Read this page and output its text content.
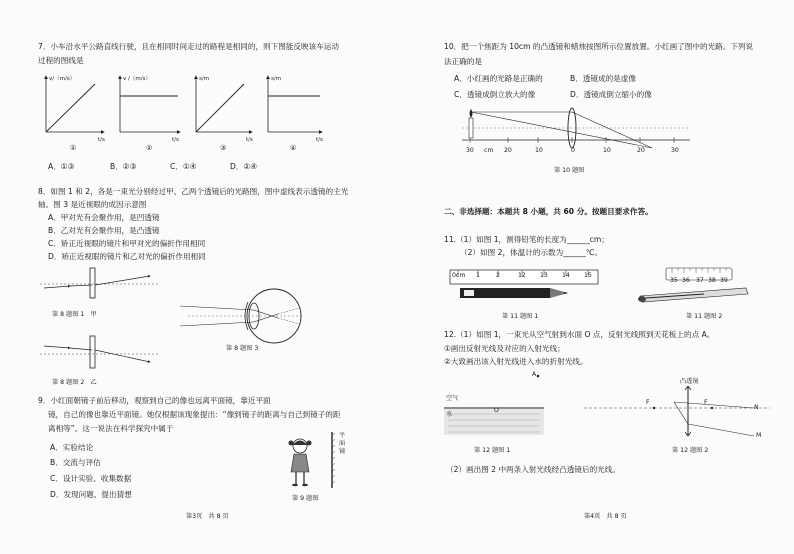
7．小车沿水平公路直线行驶，且在相同时间走过的路程是相同的，则下图能反映该车运动
过程的图线是
v/（m/s）
t/s
①
v /（m/s）
t/s
②
s/m
t/s
③
s/m
t/s
④
A．①③	B．②③	C．①④	D．②④
8．如图 1 和 2，各是一束光分别经过甲、乙两个透镜后的光路图，图中虚线表示透镜的主光
轴。图 3 是近视眼的成因示意图
A．甲对光有会聚作用，是凹透镜
B．乙对光有会聚作用，是凸透镜
C．矫正近视眼的镜片和甲对光的偏折作用相同
D．矫正近视眼的镜片和乙对光的偏折作用相同
第 8 题图 1　甲
第 8 题图 2　乙
第 8 题图 3
9．小红面朝镜子前后移动，观察到自己的像也远离平面镜，靠近平面
镜，自己的像也靠近平面镜。她仅根据该现象提出：“像到镜子的距离与自己到镜子的距
离相等”。这一说法在科学探究中属于
A．实验结论
B．交流与评估
C．设计实验、收集数据
D．发现问题、提出猜想
平面镜
第 9 题图
第3页　共 8 页
10．把一个焦距为 10cm 的凸透镜和蜡烛按图所示位置放置。小红画了图中的光路。下列说
法正确的是
A．小红画的光路是正确的	B．透镜成的是虚像
C．透镜成倒立放大的像	D．透镜成倒立缩小的像
30 cm 20	10	0	10	20	30
第 10 题图
二、非选择题：本题共 8 小题，共 60 分。按题目要求作答。
11.（1）如图 1，测得铅笔的长度为______cm；
（2）如图 2，体温计的示数为______℃。
0cm 1	2	12 13 14 15
第 11 题图 1
35 36 37 38 39
第 11 题图 2
12.（1）如图 1，一束光从空气射到水面 O 点，反射光线照到天花板上的点 A。
①画出反射光线及对应的入射光线；
②大致画出该入射光线进入水的折射光线。
空气
水
O
A
第 12 题图 1
凸透镜
F	F
N
M
第 12 题图 2
（2）画出图 2 中两条入射光线经凸透镜后的光线。
第4页　共 8 页
